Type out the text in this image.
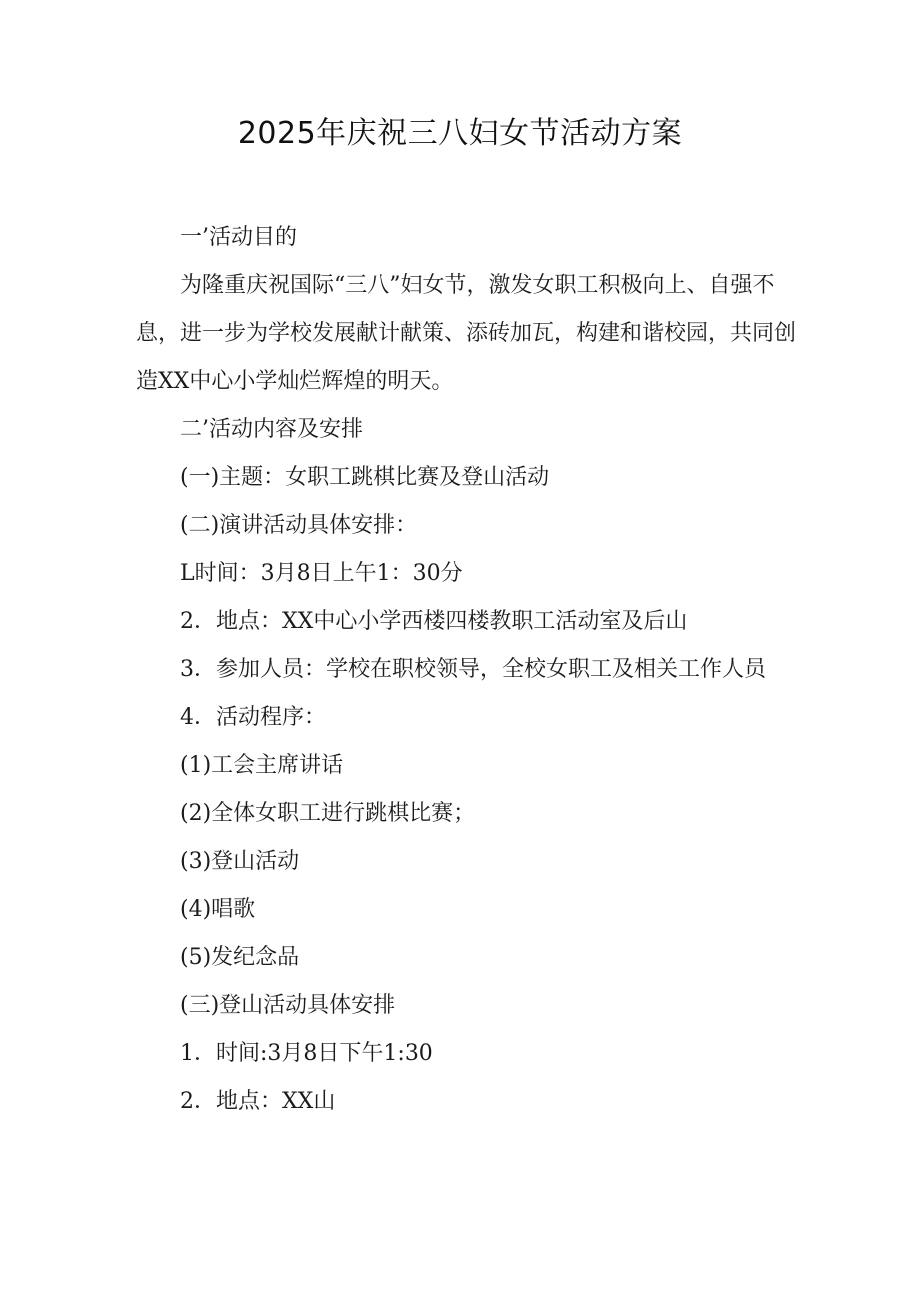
2025年庆祝三八妇女节活动方案

一’活动目的

为隆重庆祝国际“三八”妇女节，激发女职工积极向上、自强不息，进一步为学校发展献计献策、添砖加瓦，构建和谐校园，共同创造XX中心小学灿烂辉煌的明天。

二’活动内容及安排

(一)主题：女职工跳棋比赛及登山活动

(二)演讲活动具体安排：

L时间：3月8日上午1：30分

2．地点：XX中心小学西楼四楼教职工活动室及后山

3．参加人员：学校在职校领导，全校女职工及相关工作人员

4．活动程序：

(1)工会主席讲话

(2)全体女职工进行跳棋比赛；

(3)登山活动

(4)唱歌

(5)发纪念品

(三)登山活动具体安排

1．时间:3月8日下午1:30

2．地点：XX山
